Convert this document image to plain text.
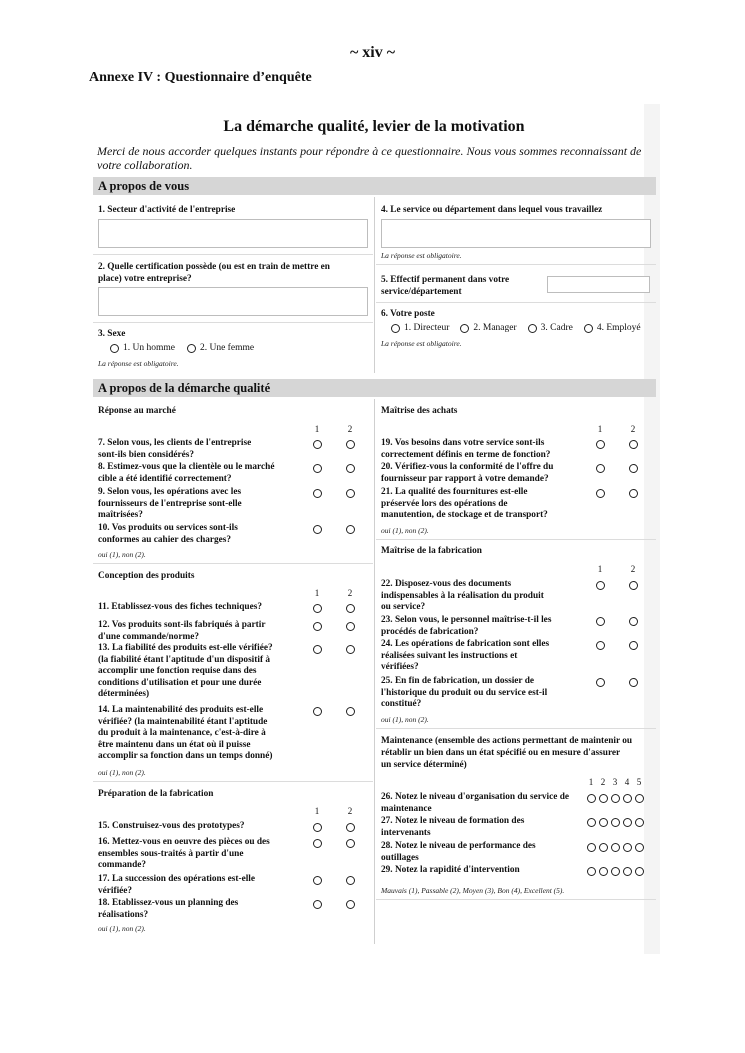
~ xiv ~
Annexe IV : Questionnaire d’enquête
La démarche qualité, levier de la motivation
Merci de nous accorder quelques instants pour répondre à ce questionnaire. Nous vous sommes reconnaissant de votre collaboration.
A propos de vous
1. Secteur d'activité de l'entreprise
2. Quelle certification possède (ou est en train de mettre en
place) votre entreprise?
3. Sexe
1. Un homme	2. Une femme
La réponse est obligatoire.
4. Le service ou département dans lequel vous travaillez
La réponse est obligatoire.
5. Effectif permanent dans votre
service/département
6. Votre poste
1. Directeur	2. Manager	3. Cadre	4. Employé
La réponse est obligatoire.
A propos de la démarche qualité
Réponse au marché
1	2
7. Selon vous, les clients de l'entreprise
sont-ils bien considérés?
8. Estimez-vous que la clientèle ou le marché
cible a été identifié correctement?
9. Selon vous, les opérations avec les
fournisseurs de l'entreprise sont-elle
maîtrisées?
10. Vos produits ou services sont-ils
conformes au cahier des charges?
oui (1), non (2).
Conception des produits
1	2
11. Etablissez-vous des fiches techniques?
12. Vos produits sont-ils fabriqués à partir
d'une commande/norme?
13. La fiabilité des produits est-elle vérifiée?
(la fiabilité étant l'aptitude d'un dispositif à
accomplir une fonction requise dans des
conditions d'utilisation et pour une durée
déterminées)
14. La maintenabilité des produits est-elle
vérifiée? (la maintenabilité étant l'aptitude
du produit à la maintenance, c'est-à-dire à
être maintenu dans un état où il puisse
accomplir sa fonction dans un temps donné)
oui (1), non (2).
Préparation de la fabrication
1	2
15. Construisez-vous des prototypes?
16. Mettez-vous en oeuvre des pièces ou des
ensembles sous-traités à partir d'une
commande?
17. La succession des opérations est-elle
vérifiée?
18. Etablissez-vous un planning des
réalisations?
oui (1), non (2).
Maîtrise des achats
1	2
19. Vos besoins dans votre service sont-ils
correctement définis en terme de fonction?
20. Vérifiez-vous la conformité de l'offre du
fournisseur par rapport à votre demande?
21. La qualité des fournitures est-elle
préservée lors des opérations de
manutention, de stockage et de transport?
oui (1), non (2).
Maîtrise de la fabrication
1	2
22. Disposez-vous des documents
indispensables à la réalisation du produit
ou service?
23. Selon vous, le personnel maîtrise-t-il les
procédés de fabrication?
24. Les opérations de fabrication sont elles
réalisées suivant les instructions et
vérifiées?
25. En fin de fabrication, un dossier de
l'historique du produit ou du service est-il
constitué?
oui (1), non (2).
Maintenance (ensemble des actions permettant de maintenir ou
rétablir un bien dans un état spécifié ou en mesure d'assurer
un service déterminé)
1 2 3 4 5
26. Notez le niveau d'organisation du service de
maintenance
27. Notez le niveau de formation des
intervenants
28. Notez le niveau de performance des
outillages
29. Notez la rapidité d'intervention
Mauvais (1), Passable (2), Moyen (3), Bon (4), Excellent (5).
